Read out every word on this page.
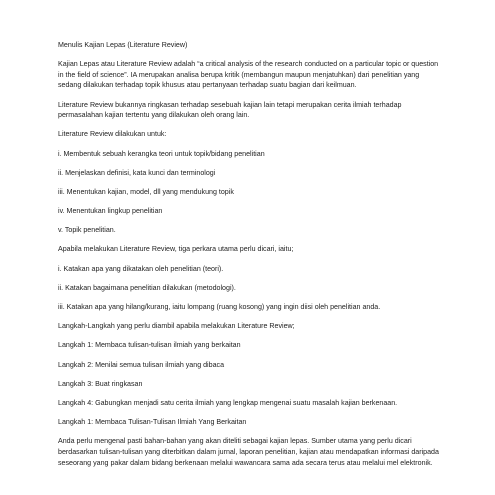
Menulis Kajian Lepas (Literature Review)

Kajian Lepas atau Literature Review adalah “a critical analysis of the research conducted on a particular topic or question in the field of science”. IA merupakan analisa berupa kritik (membangun maupun menjatuhkan) dari penelitian yang sedang dilakukan terhadap topik khusus atau pertanyaan terhadap suatu bagian dari keilmuan.

Literature Review bukannya ringkasan terhadap sesebuah kajian lain tetapi merupakan cerita ilmiah terhadap permasalahan kajian tertentu yang dilakukan oleh orang lain.

Literature Review dilakukan untuk:

i. Membentuk sebuah kerangka teori untuk topik/bidang penelitian

ii. Menjelaskan definisi, kata kunci dan terminologi

iii. Menentukan kajian, model, dll yang mendukung topik

iv. Menentukan lingkup penelitian

v. Topik penelitian.

Apabila melakukan Literature Review, tiga perkara utama perlu dicari, iaitu;

i. Katakan apa yang dikatakan oleh penelitian (teori).

ii. Katakan bagaimana penelitian dilakukan (metodologi).

iii. Katakan apa yang hilang/kurang, iaitu lompang (ruang kosong) yang ingin diisi oleh penelitian anda.

Langkah-Langkah yang perlu diambil apabila melakukan Literature Review;

Langkah 1: Membaca tulisan-tulisan ilmiah yang berkaitan

Langkah 2: Menilai semua tulisan ilmiah yang dibaca

Langkah 3: Buat ringkasan

Langkah 4: Gabungkan menjadi satu cerita ilmiah yang lengkap mengenai suatu masalah kajian berkenaan.

Langkah 1: Membaca Tulisan-Tulisan Ilmiah Yang Berkaitan

Anda perlu mengenal pasti bahan-bahan yang akan diteliti sebagai kajian lepas. Sumber utama yang perlu dicari berdasarkan tulisan-tulisan yang diterbitkan dalam jurnal, laporan penelitian, kajian atau mendapatkan informasi daripada seseorang yang pakar dalam bidang berkenaan melalui wawancara sama ada secara terus atau melalui mel elektronik.
